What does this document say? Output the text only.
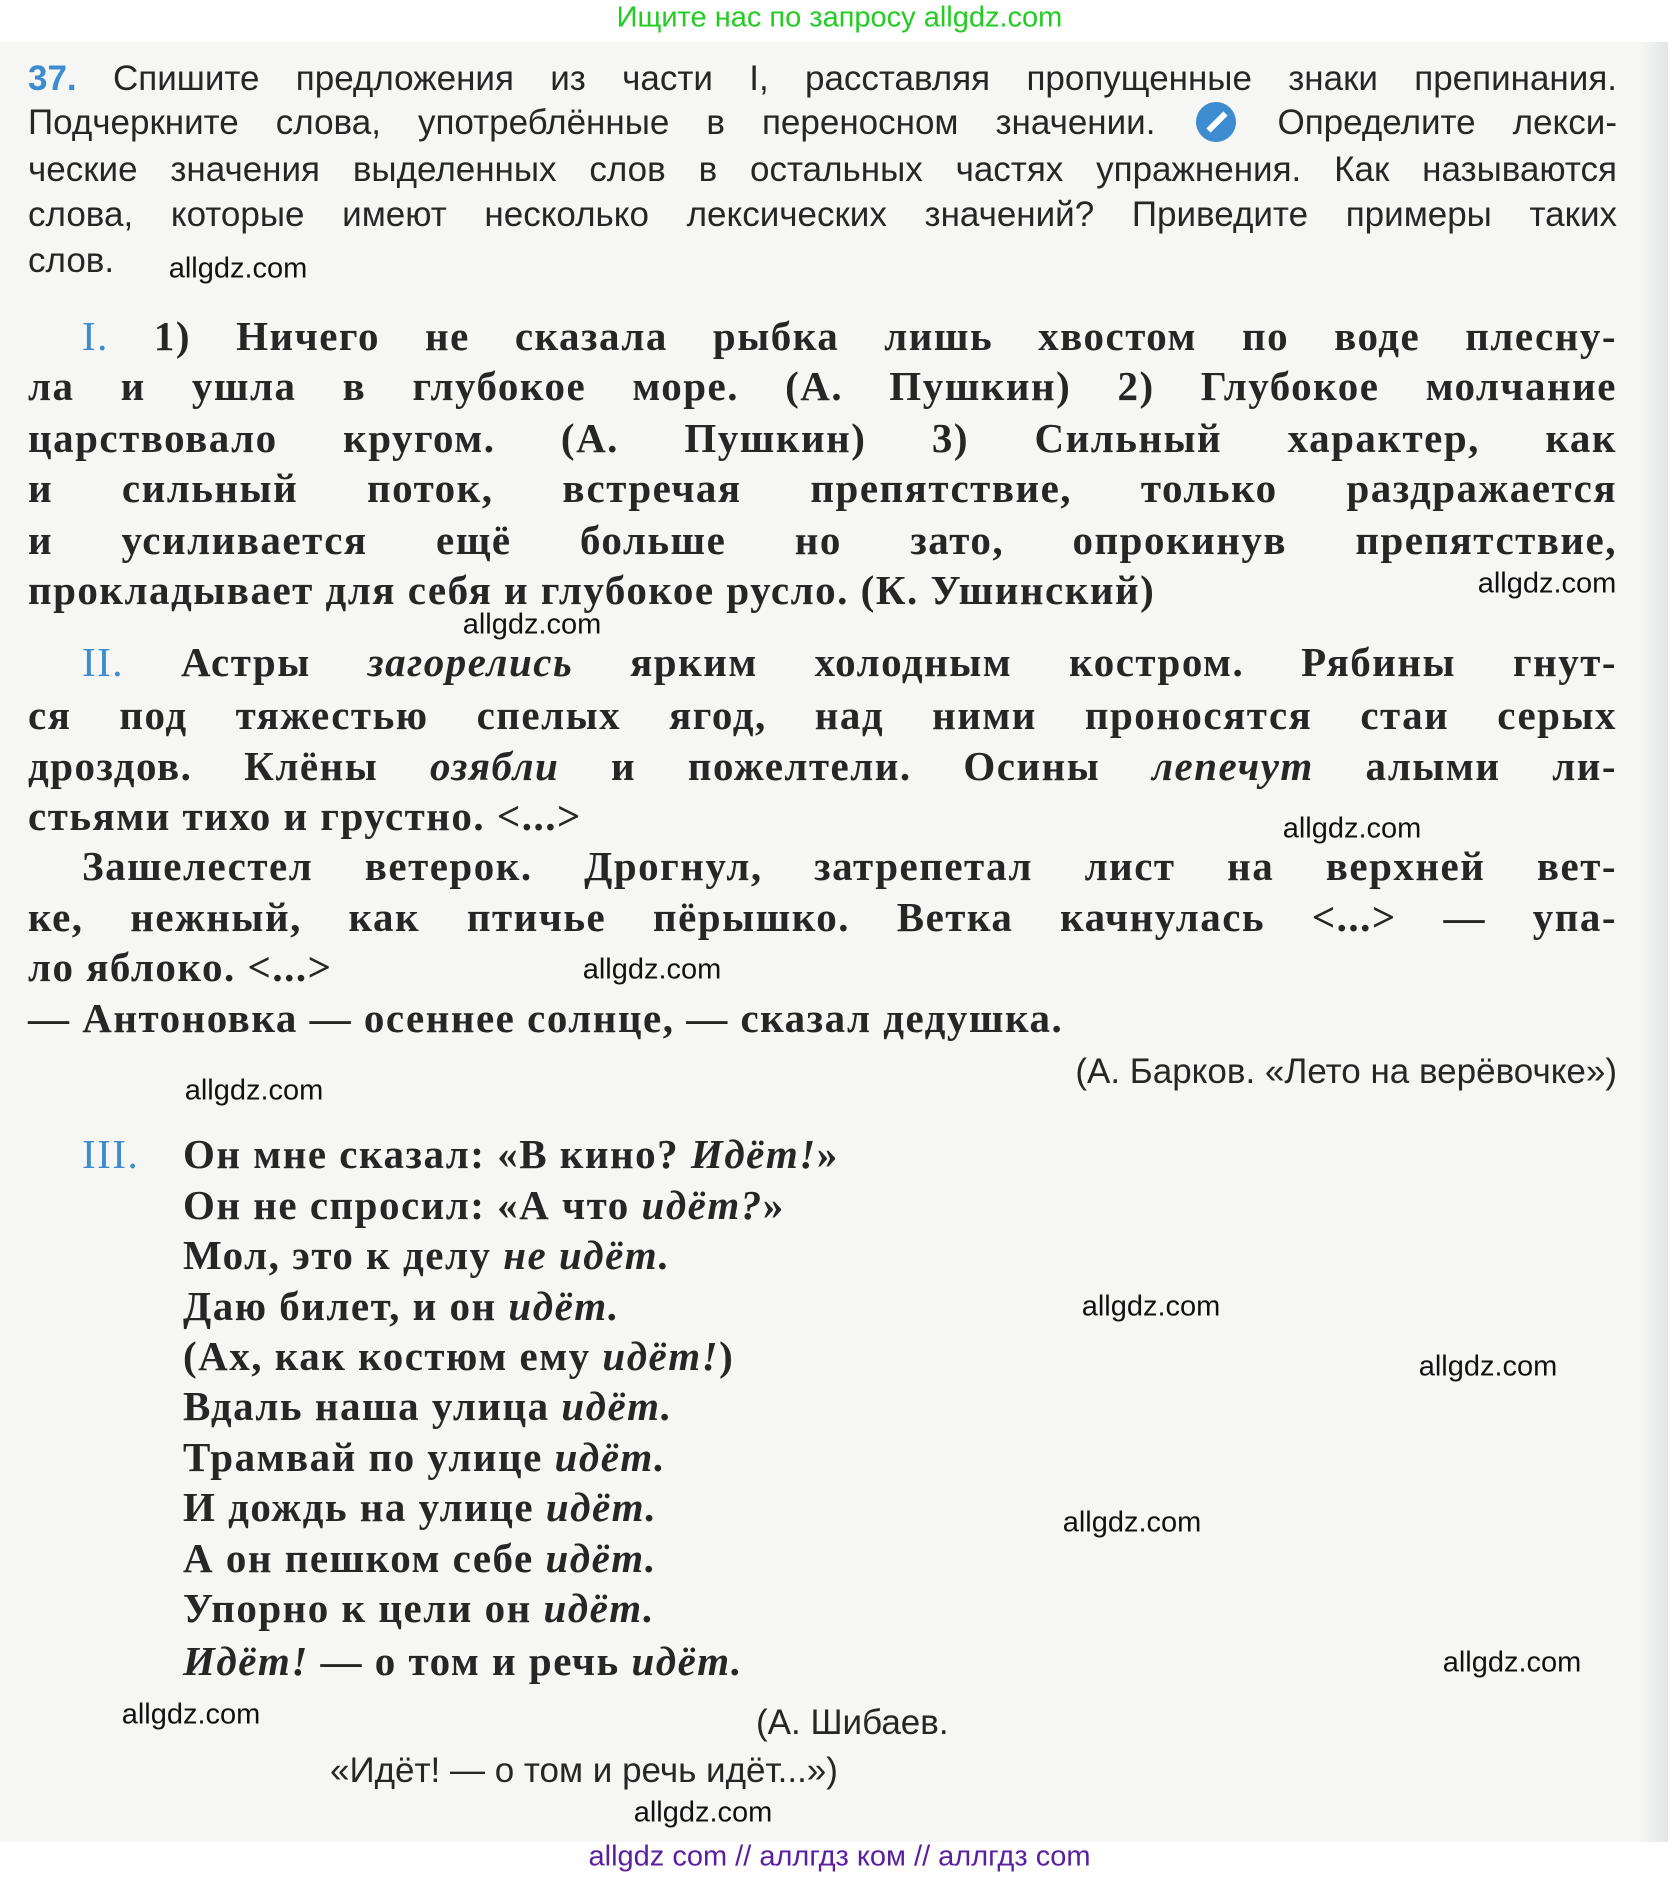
Ищите нас по запросу allgdz.com
allgdz com // аллгдз ком // аллгдз com
37. Спишите предложения из части I, расставляя пропущенные знаки препинания.
Подчеркните слова, употреблённые в переносном значении.	Определите лекси-
ческие значения выделенных слов в остальных частях упражнения. Как называются
слова, которые имеют несколько лексических значений? Приведите примеры таких
слов.
I. 1) Ничего не сказала рыбка лишь хвостом по воде плесну-
ла и ушла в глубокое море. (А. Пушкин) 2) Глубокое молчание
царствовало кругом. (А. Пушкин) 3) Сильный характер, как
и сильный поток, встречая препятствие, только раздражается
и усиливается ещё больше но зато, опрокинув препятствие,
прокладывает для себя и глубокое русло. (К. Ушинский)
II. Астры загорелись ярким холодным костром. Рябины гнут-
ся под тяжестью спелых ягод, над ними проносятся стаи серых
дроздов. Клёны озябли и пожелтели. Осины лепечут алыми ли-
стьями тихо и грустно. <...>
Зашелестел ветерок. Дрогнул, затрепетал лист на верхней вет-
ке, нежный, как птичье пёрышко. Ветка качнулась <...> — упа-
ло яблоко. <...>
— Антоновка — осеннее солнце, — сказал дедушка.
(А. Барков. «Лето на верёвочке»)
III. Он мне сказал: «В кино? Идёт!»
Он не спросил: «А что идёт?»
Мол, это к делу не идёт.
Даю билет, и он идёт.
(Ах, как костюм ему идёт!)
Вдаль наша улица идёт.
Трамвай по улице идёт.
И дождь на улице идёт.
А он пешком себе идёт.
Упорно к цели он идёт.
Идёт! — о том и речь идёт.
(А. Шибаев.
«Идёт! — о том и речь идёт...»)
allgdz.com
allgdz.com
allgdz.com
allgdz.com
allgdz.com
allgdz.com
allgdz.com
allgdz.com
allgdz.com
allgdz.com
allgdz.com
allgdz.com
